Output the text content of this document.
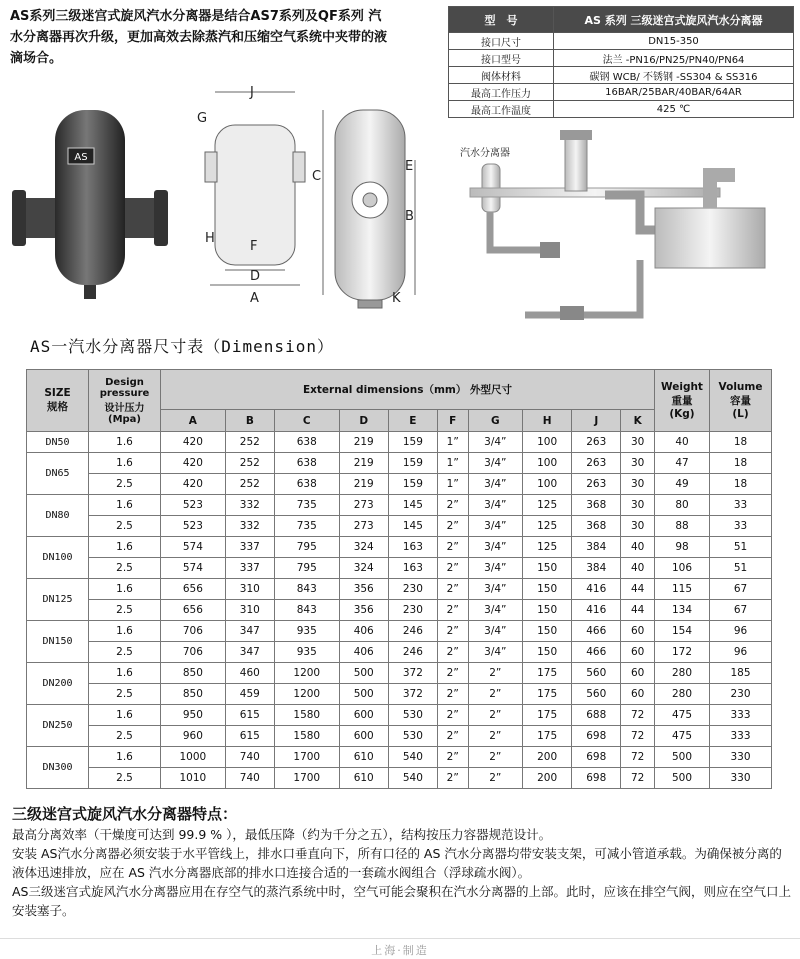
AS系列三级迷宫式旋风汽水分离器是结合AS7系列及QF系列 汽水分离器再次升级，更加高效去除蒸汽和压缩空气系统中夹带的液滴场合。
型　号	AS 系列 三级迷宫式旋风汽水分离器
接口尺寸	DN15-350
接口型号	法兰 -PN16/PN25/PN40/PN64
阀体材料	碳钢 WCB/ 不锈钢 -SS304 & SS316
最高工作压力	16BAR/25BAR/40BAR/64AR
最高工作温度	425 ℃
AS
G
J
C
E
B
H
F
D
A	K
汽水分离器
AS一汽水分离器尺寸表（Dimension）
SIZE
规格	Design pressure
设计压力
(Mpa)	External dimensions（mm） 外型尺寸										Weight
重量
(Kg)	Volume
容量
(L)
		A	B	C	D	E	F	G	H	J	K		
DN50	1.6	420	252	638	219	159	1”	3/4”	100	263	30	40	18
DN65	1.6	420	252	638	219	159	1”	3/4”	100	263	30	47	18
	2.5	420	252	638	219	159	1”	3/4”	100	263	30	49	18
DN80	1.6	523	332	735	273	145	2”	3/4”	125	368	30	80	33
	2.5	523	332	735	273	145	2”	3/4”	125	368	30	88	33
DN100	1.6	574	337	795	324	163	2”	3/4”	125	384	40	98	51
	2.5	574	337	795	324	163	2”	3/4”	150	384	40	106	51
DN125	1.6	656	310	843	356	230	2”	3/4”	150	416	44	115	67
	2.5	656	310	843	356	230	2”	3/4”	150	416	44	134	67
DN150	1.6	706	347	935	406	246	2”	3/4”	150	466	60	154	96
	2.5	706	347	935	406	246	2”	3/4”	150	466	60	172	96
DN200	1.6	850	460	1200	500	372	2”	2”	175	560	60	280	185
	2.5	850	459	1200	500	372	2”	2”	175	560	60	280	230
DN250	1.6	950	615	1580	600	530	2”	2”	175	688	72	475	333
	2.5	960	615	1580	600	530	2”	2”	175	698	72	475	333
DN300	1.6	1000	740	1700	610	540	2”	2”	200	698	72	500	330
	2.5	1010	740	1700	610	540	2”	2”	200	698	72	500	330
三级迷宫式旋风汽水分离器特点：
最高分离效率（干燥度可达到 99.9 % ），最低压降（约为千分之五），结构按压力容器规范设计。
安装 AS汽水分离器必须安装于水平管线上，排水口垂直向下，所有口径的 AS 汽水分离器均带安装支架，可减小管道承载。为确保被分离的液体迅速排放，应在 AS 汽水分离器底部的排水口连接合适的一套疏水阀组合（浮球疏水阀）。
AS三级迷宫式旋风汽水分离器应用在存空气的蒸汽系统中时，空气可能会聚积在汽水分离器的上部。此时，应该在排空气阀，则应在空气口上安装塞子。
上海·制造
